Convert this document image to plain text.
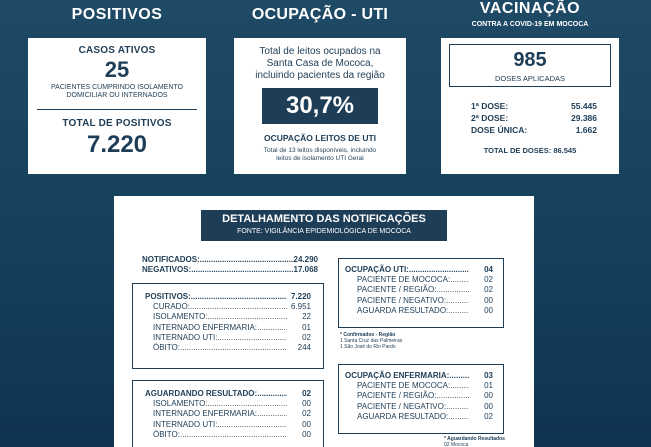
POSITIVOS	OCUPAÇÃO - UTI	VACINAÇÃO
CONTRA A COVID-19 EM MOCOCA
CASOS ATIVOS
25
PACIENTES CUMPRINDO ISOLAMENTO
DOMICILIAR OU INTERNADOS
TOTAL DE POSITIVOS
7.220
Total de leitos ocupados na
Santa Casa de Mococa,
incluindo pacientes da região
30,7%
OCUPAÇÃO LEITOS DE UTI
Total de 13 leitos disponíveis, incluindo
leitos de isolamento UTI Geral
985
DOSES APLICADAS
1ª DOSE:	55.445
2ª DOSE:	29.386
DOSE ÚNICA:	1.662
TOTAL DE DOSES: 86.545
DETALHAMENTO DAS NOTIFICAÇÕES
FONTE: VIGILÂNCIA EPIDEMIOLÓGICA DE MOCOCA
NOTIFICADOS: .....	24.290
NEGATIVOS: .....	17.068
POSITIVOS: .....	7.220
CURADO: .....	6.951
ISOLAMENTO: .....	22
INTERNADO ENFERMARIA: .....	01
INTERNADO UTI: .....	02
ÓBITO: .....	244
AGUARDANDO RESULTADO: .....	02
ISOLAMENTO: .....	00
INTERNADO ENFERMARIA: .....	02
INTERNADO UTI: .....	00
ÓBITO: .....	00
OCUPAÇÃO UTI: .....	04
PACIENTE DE MOCOCA: .....	02
PACIENTE / REGIÃO: .....	02
PACIENTE / NEGATIVO: .....	00
AGUARDA RESULTADO: .....	00
* Confirmados - Região
1 Santa Cruz das Palmeiras
1 São José do Rio Pardo
OCUPAÇÃO ENFERMARIA: .....	03
PACIENTE DE MOCOCA: .....	01
PACIENTE / REGIÃO: .....	00
PACIENTE / NEGATIVO: .....	00
AGUARDA RESULTADO: .....	02
* Aguardando Resultados
02 Mococa
